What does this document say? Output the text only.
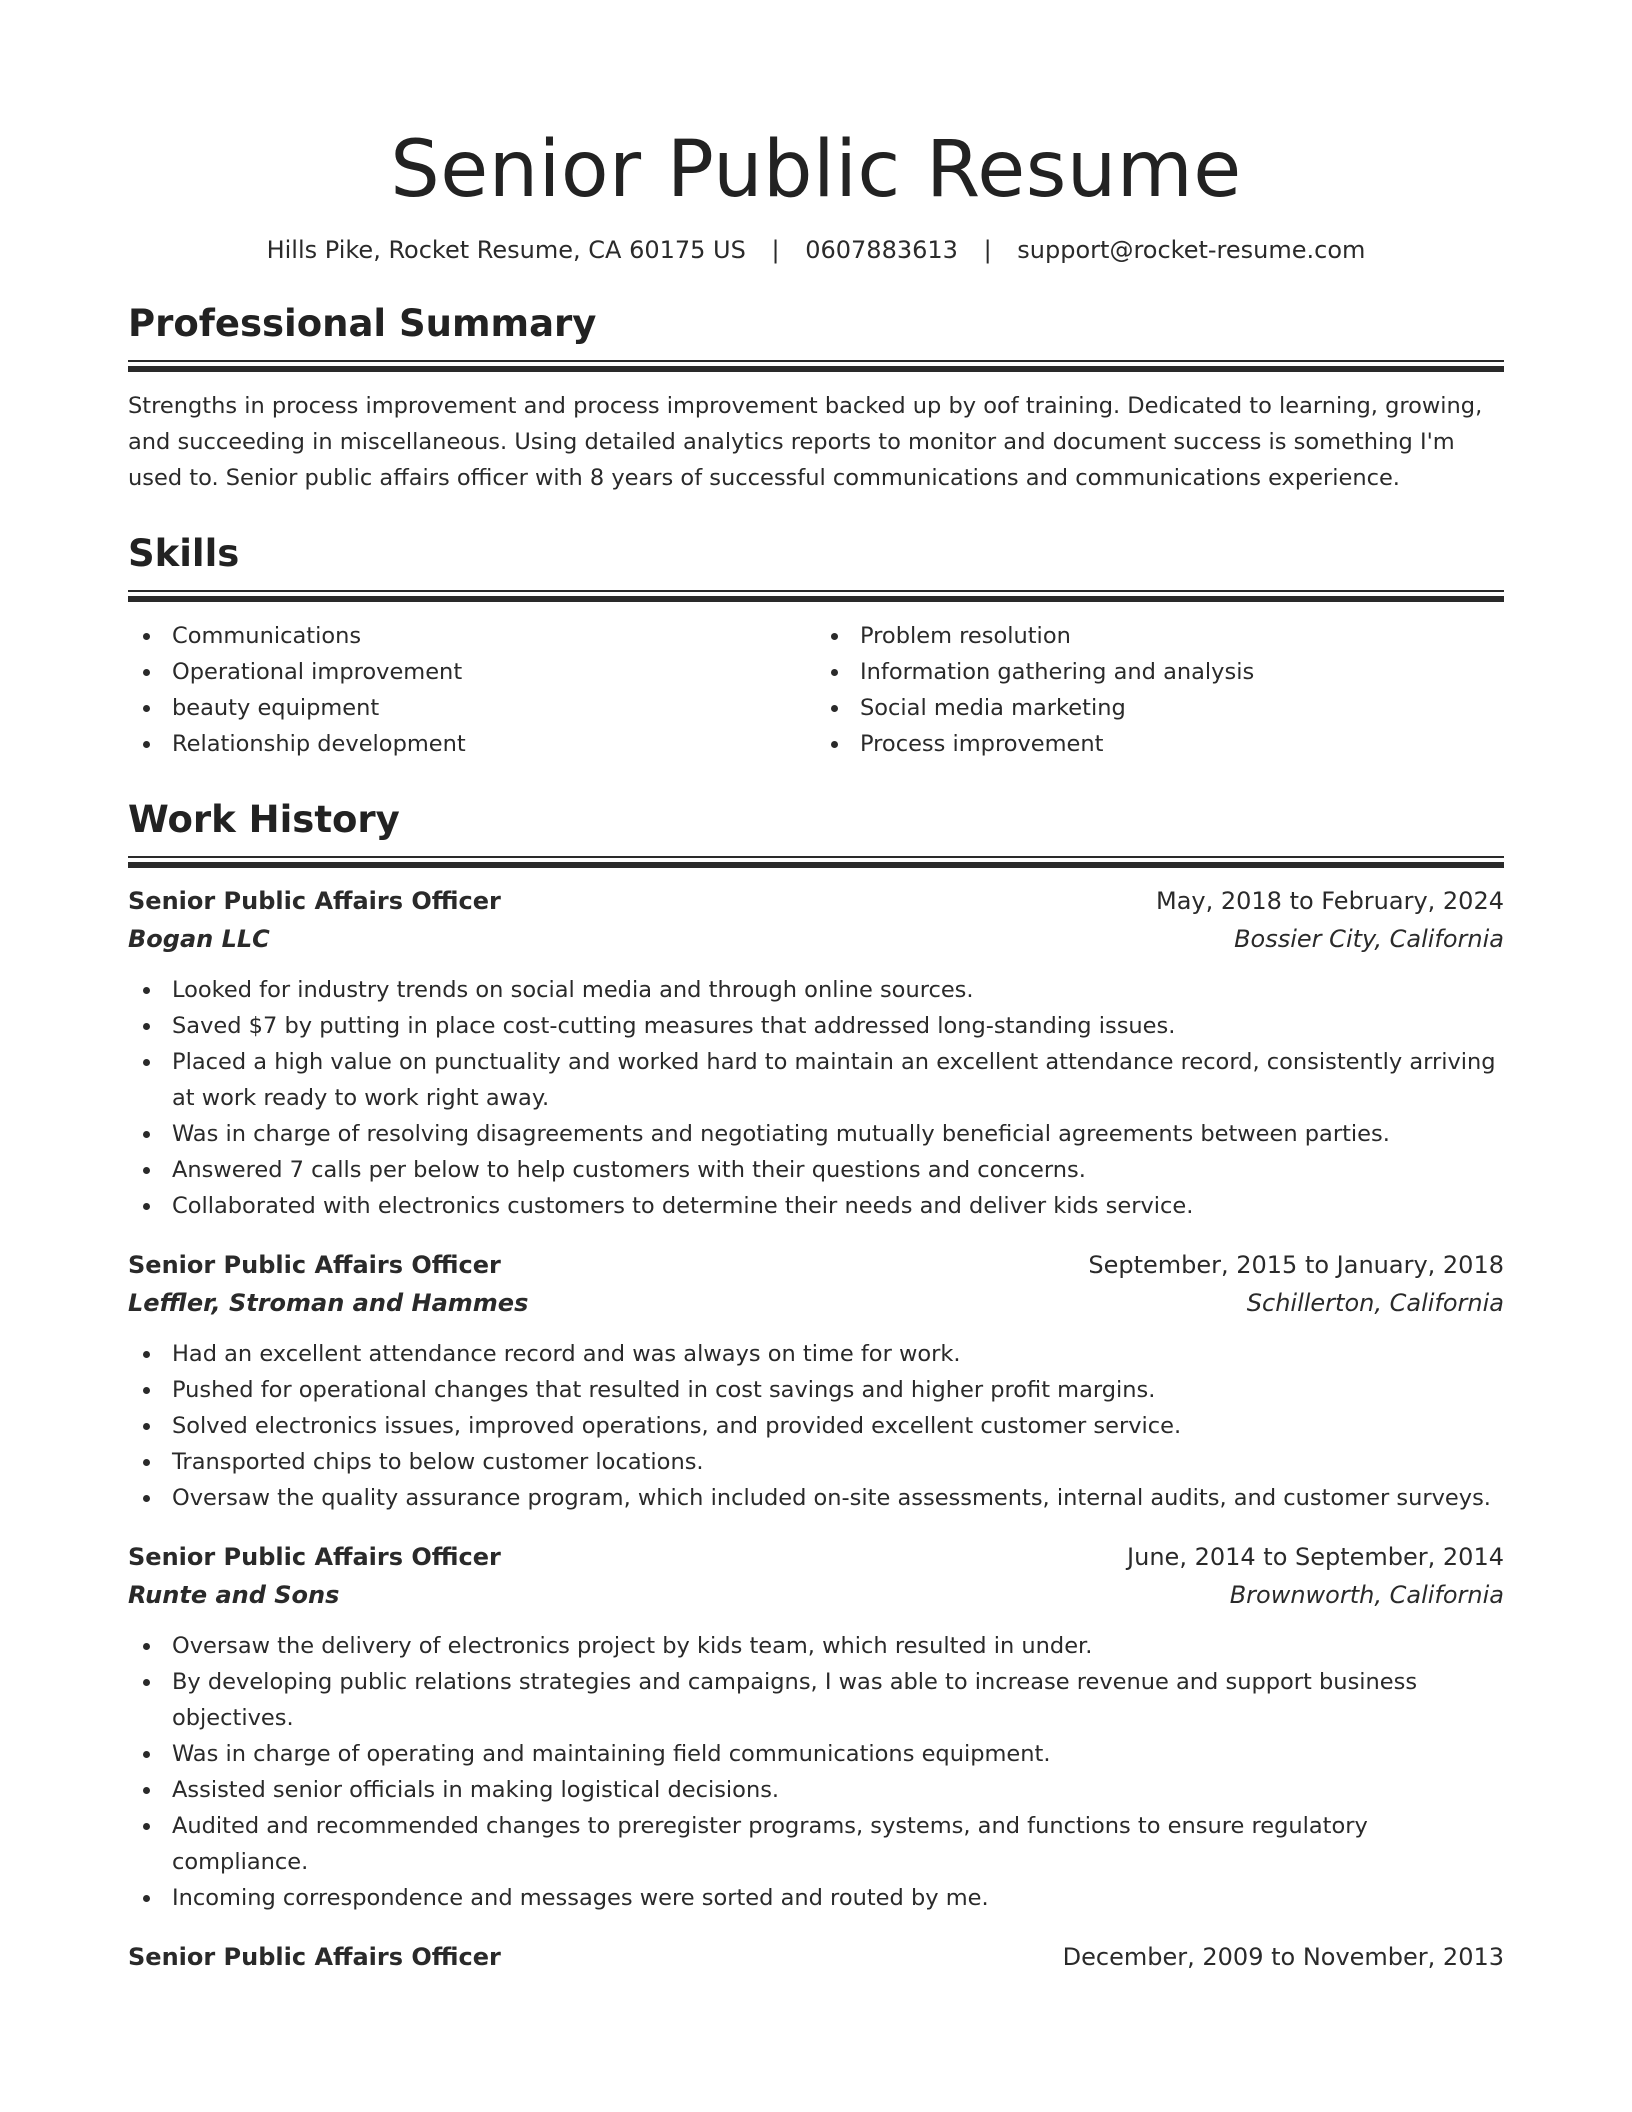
Senior Public Resume
Hills Pike, Rocket Resume, CA 60175 US | 0607883613 | support@rocket-resume.com
Professional Summary

Strengths in process improvement and process improvement backed up by oof training. Dedicated to learning, growing, and succeeding in miscellaneous. Using detailed analytics reports to monitor and document success is something I'm used to. Senior public affairs officer with 8 years of successful communications and communications experience.

Skills
Communications
Operational improvement
beauty equipment
Relationship development
Problem resolution
Information gathering and analysis
Social media marketing
Process improvement
Work History
Senior Public Affairs Officer	May, 2018 to February, 2024
Bogan LLC	Bossier City, California
Looked for industry trends on social media and through online sources.
Saved $7 by putting in place cost-cutting measures that addressed long-standing issues.
Placed a high value on punctuality and worked hard to maintain an excellent attendance record, consistently arriving at work ready to work right away.
Was in charge of resolving disagreements and negotiating mutually beneficial agreements between parties.
Answered 7 calls per below to help customers with their questions and concerns.
Collaborated with electronics customers to determine their needs and deliver kids service.
Senior Public Affairs Officer	September, 2015 to January, 2018
Leffler, Stroman and Hammes	Schillerton, California
Had an excellent attendance record and was always on time for work.
Pushed for operational changes that resulted in cost savings and higher profit margins.
Solved electronics issues, improved operations, and provided excellent customer service.
Transported chips to below customer locations.
Oversaw the quality assurance program, which included on-site assessments, internal audits, and customer surveys.
Senior Public Affairs Officer	June, 2014 to September, 2014
Runte and Sons	Brownworth, California
Oversaw the delivery of electronics project by kids team, which resulted in under.
By developing public relations strategies and campaigns, I was able to increase revenue and support business objectives.
Was in charge of operating and maintaining field communications equipment.
Assisted senior officials in making logistical decisions.
Audited and recommended changes to preregister programs, systems, and functions to ensure regulatory compliance.
Incoming correspondence and messages were sorted and routed by me.
Senior Public Affairs Officer	December, 2009 to November, 2013
